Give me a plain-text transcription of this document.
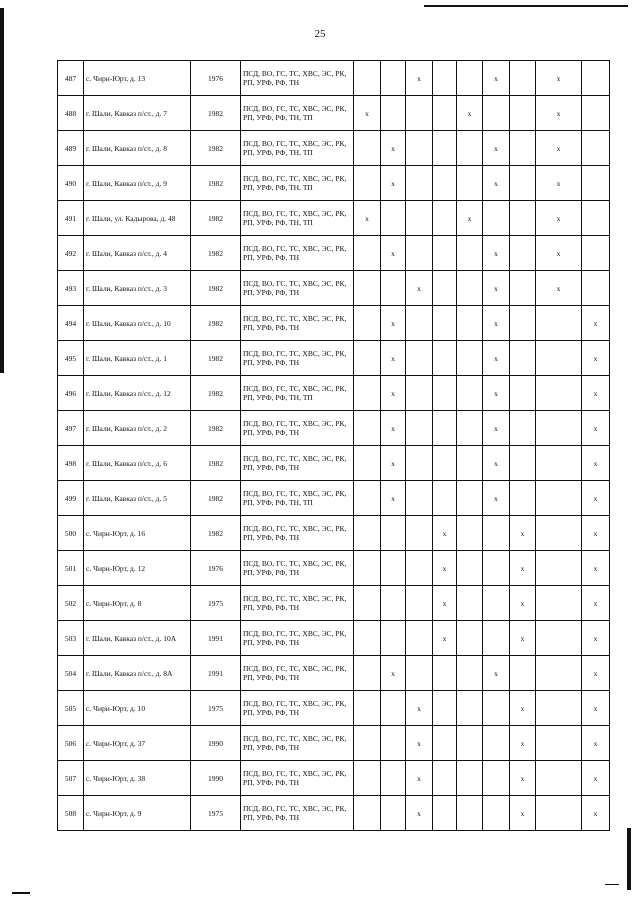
25
487	с. Чири-Юрт, д. 13	1976	ПСД, ВО, ГС, ТС, ХВС, ЭС, РК, РП, УРФ, РФ, ТН			x			x		x	
488	г. Шали, Кавказ п/ст., д. 7	1982	ПСД, ВО, ГС, ТС, ХВС, ЭС, РК, РП, УРФ, РФ, ТН, ТП	x				x			x	
489	г. Шали, Кавказ п/ст., д. 8	1982	ПСД, ВО, ГС, ТС, ХВС, ЭС, РК, РП, УРФ, РФ, ТН, ТП		x				x		x	
490	г. Шали, Кавказ п/ст., д. 9	1982	ПСД, ВО, ГС, ТС, ХВС, ЭС, РК, РП, УРФ, РФ, ТН, ТП		x				x		x	
491	г. Шали, ул. Кадырова, д. 48	1982	ПСД, ВО, ГС, ТС, ХВС, ЭС, РК, РП, УРФ, РФ, ТН, ТП	x				x			x	
492	г. Шали, Кавказ п/ст., д. 4	1982	ПСД, ВО, ГС, ТС, ХВС, ЭС, РК, РП, УРФ, РФ, ТН		x				x		x	
493	г. Шали, Кавказ п/ст., д. 3	1982	ПСД, ВО, ГС, ТС, ХВС, ЭС, РК, РП, УРФ, РФ, ТН			x			x		x	
494	г. Шали, Кавказ п/ст., д. 10	1982	ПСД, ВО, ГС, ТС, ХВС, ЭС, РК, РП, УРФ, РФ, ТН		x				x			x
495	г. Шали, Кавказ п/ст., д. 1	1982	ПСД, ВО, ГС, ТС, ХВС, ЭС, РК, РП, УРФ, РФ, ТН		x				x			x
496	г. Шали, Кавказ п/ст., д. 12	1982	ПСД, ВО, ГС, ТС, ХВС, ЭС, РК, РП, УРФ, РФ, ТН, ТП		x				x			x
497	г. Шали, Кавказ п/ст., д. 2	1982	ПСД, ВО, ГС, ТС, ХВС, ЭС, РК, РП, УРФ, РФ, ТН		x				x			x
498	г. Шали, Кавказ п/ст., д. 6	1982	ПСД, ВО, ГС, ТС, ХВС, ЭС, РК, РП, УРФ, РФ, ТН		x				x			x
499	г. Шали, Кавказ п/ст., д. 5	1982	ПСД, ВО, ГС, ТС, ХВС, ЭС, РК, РП, УРФ, РФ, ТН, ТП		x				x			x
500	с. Чири-Юрт, д. 16	1982	ПСД, ВО, ГС, ТС, ХВС, ЭС, РК, РП, УРФ, РФ, ТН				x			x		x
501	с. Чири-Юрт, д. 12	1976	ПСД, ВО, ГС, ТС, ХВС, ЭС, РК, РП, УРФ, РФ, ТН				x			x		x
502	с. Чири-Юрт, д. 8	1975	ПСД, ВО, ГС, ТС, ХВС, ЭС, РК, РП, УРФ, РФ, ТН				x			x		x
503	г. Шали, Кавказ п/ст., д. 10А	1991	ПСД, ВО, ГС, ТС, ХВС, ЭС, РК, РП, УРФ, РФ, ТН				x			x		x
504	г. Шали, Кавказ п/ст., д. 8А	1991	ПСД, ВО, ГС, ТС, ХВС, ЭС, РК, РП, УРФ, РФ, ТН		x				x			x
505	с. Чири-Юрт, д. 10	1975	ПСД, ВО, ГС, ТС, ХВС, ЭС, РК, РП, УРФ, РФ, ТН			x				x		x
506	с. Чири-Юрт, д. 37	1990	ПСД, ВО, ГС, ТС, ХВС, ЭС, РК, РП, УРФ, РФ, ТН			x				x		x
507	с. Чири-Юрт, д. 38	1990	ПСД, ВО, ГС, ТС, ХВС, ЭС, РК, РП, УРФ, РФ, ТН			x				x		x
508	с. Чири-Юрт, д. 9	1975	ПСД, ВО, ГС, ТС, ХВС, ЭС, РК, РП, УРФ, РФ, ТН			x				x		x
